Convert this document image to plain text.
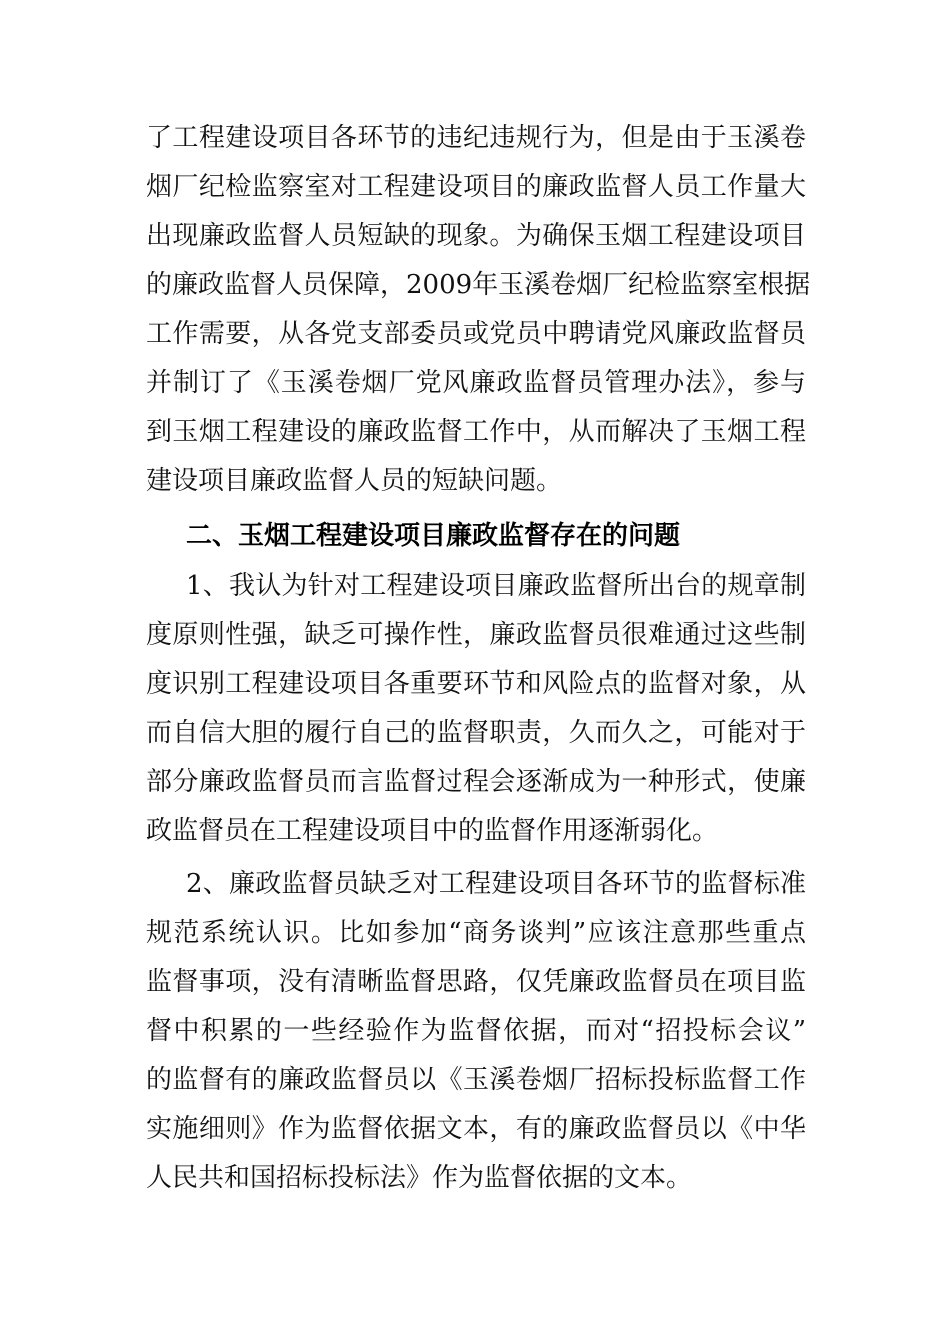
了工程建设项目各环节的违纪违规行为，但是由于玉溪卷
烟厂纪检监察室对工程建设项目的廉政监督人员工作量大
出现廉政监督人员短缺的现象。为确保玉烟工程建设项目
的廉政监督人员保障，2009年玉溪卷烟厂纪检监察室根据
工作需要，从各党支部委员或党员中聘请党风廉政监督员
并制订了《玉溪卷烟厂党风廉政监督员管理办法》，参与
到玉烟工程建设的廉政监督工作中，从而解决了玉烟工程
建设项目廉政监督人员的短缺问题。
二、玉烟工程建设项目廉政监督存在的问题
1、我认为针对工程建设项目廉政监督所出台的规章制
度原则性强，缺乏可操作性，廉政监督员很难通过这些制
度识别工程建设项目各重要环节和风险点的监督对象，从
而自信大胆的履行自己的监督职责，久而久之，可能对于
部分廉政监督员而言监督过程会逐渐成为一种形式，使廉
政监督员在工程建设项目中的监督作用逐渐弱化。
2、廉政监督员缺乏对工程建设项目各环节的监督标准
规范系统认识。比如参加“商务谈判”应该注意那些重点
监督事项，没有清晰监督思路，仅凭廉政监督员在项目监
督中积累的一些经验作为监督依据，而对“招投标会议”
的监督有的廉政监督员以《玉溪卷烟厂招标投标监督工作
实施细则》作为监督依据文本，有的廉政监督员以《中华
人民共和国招标投标法》作为监督依据的文本。
